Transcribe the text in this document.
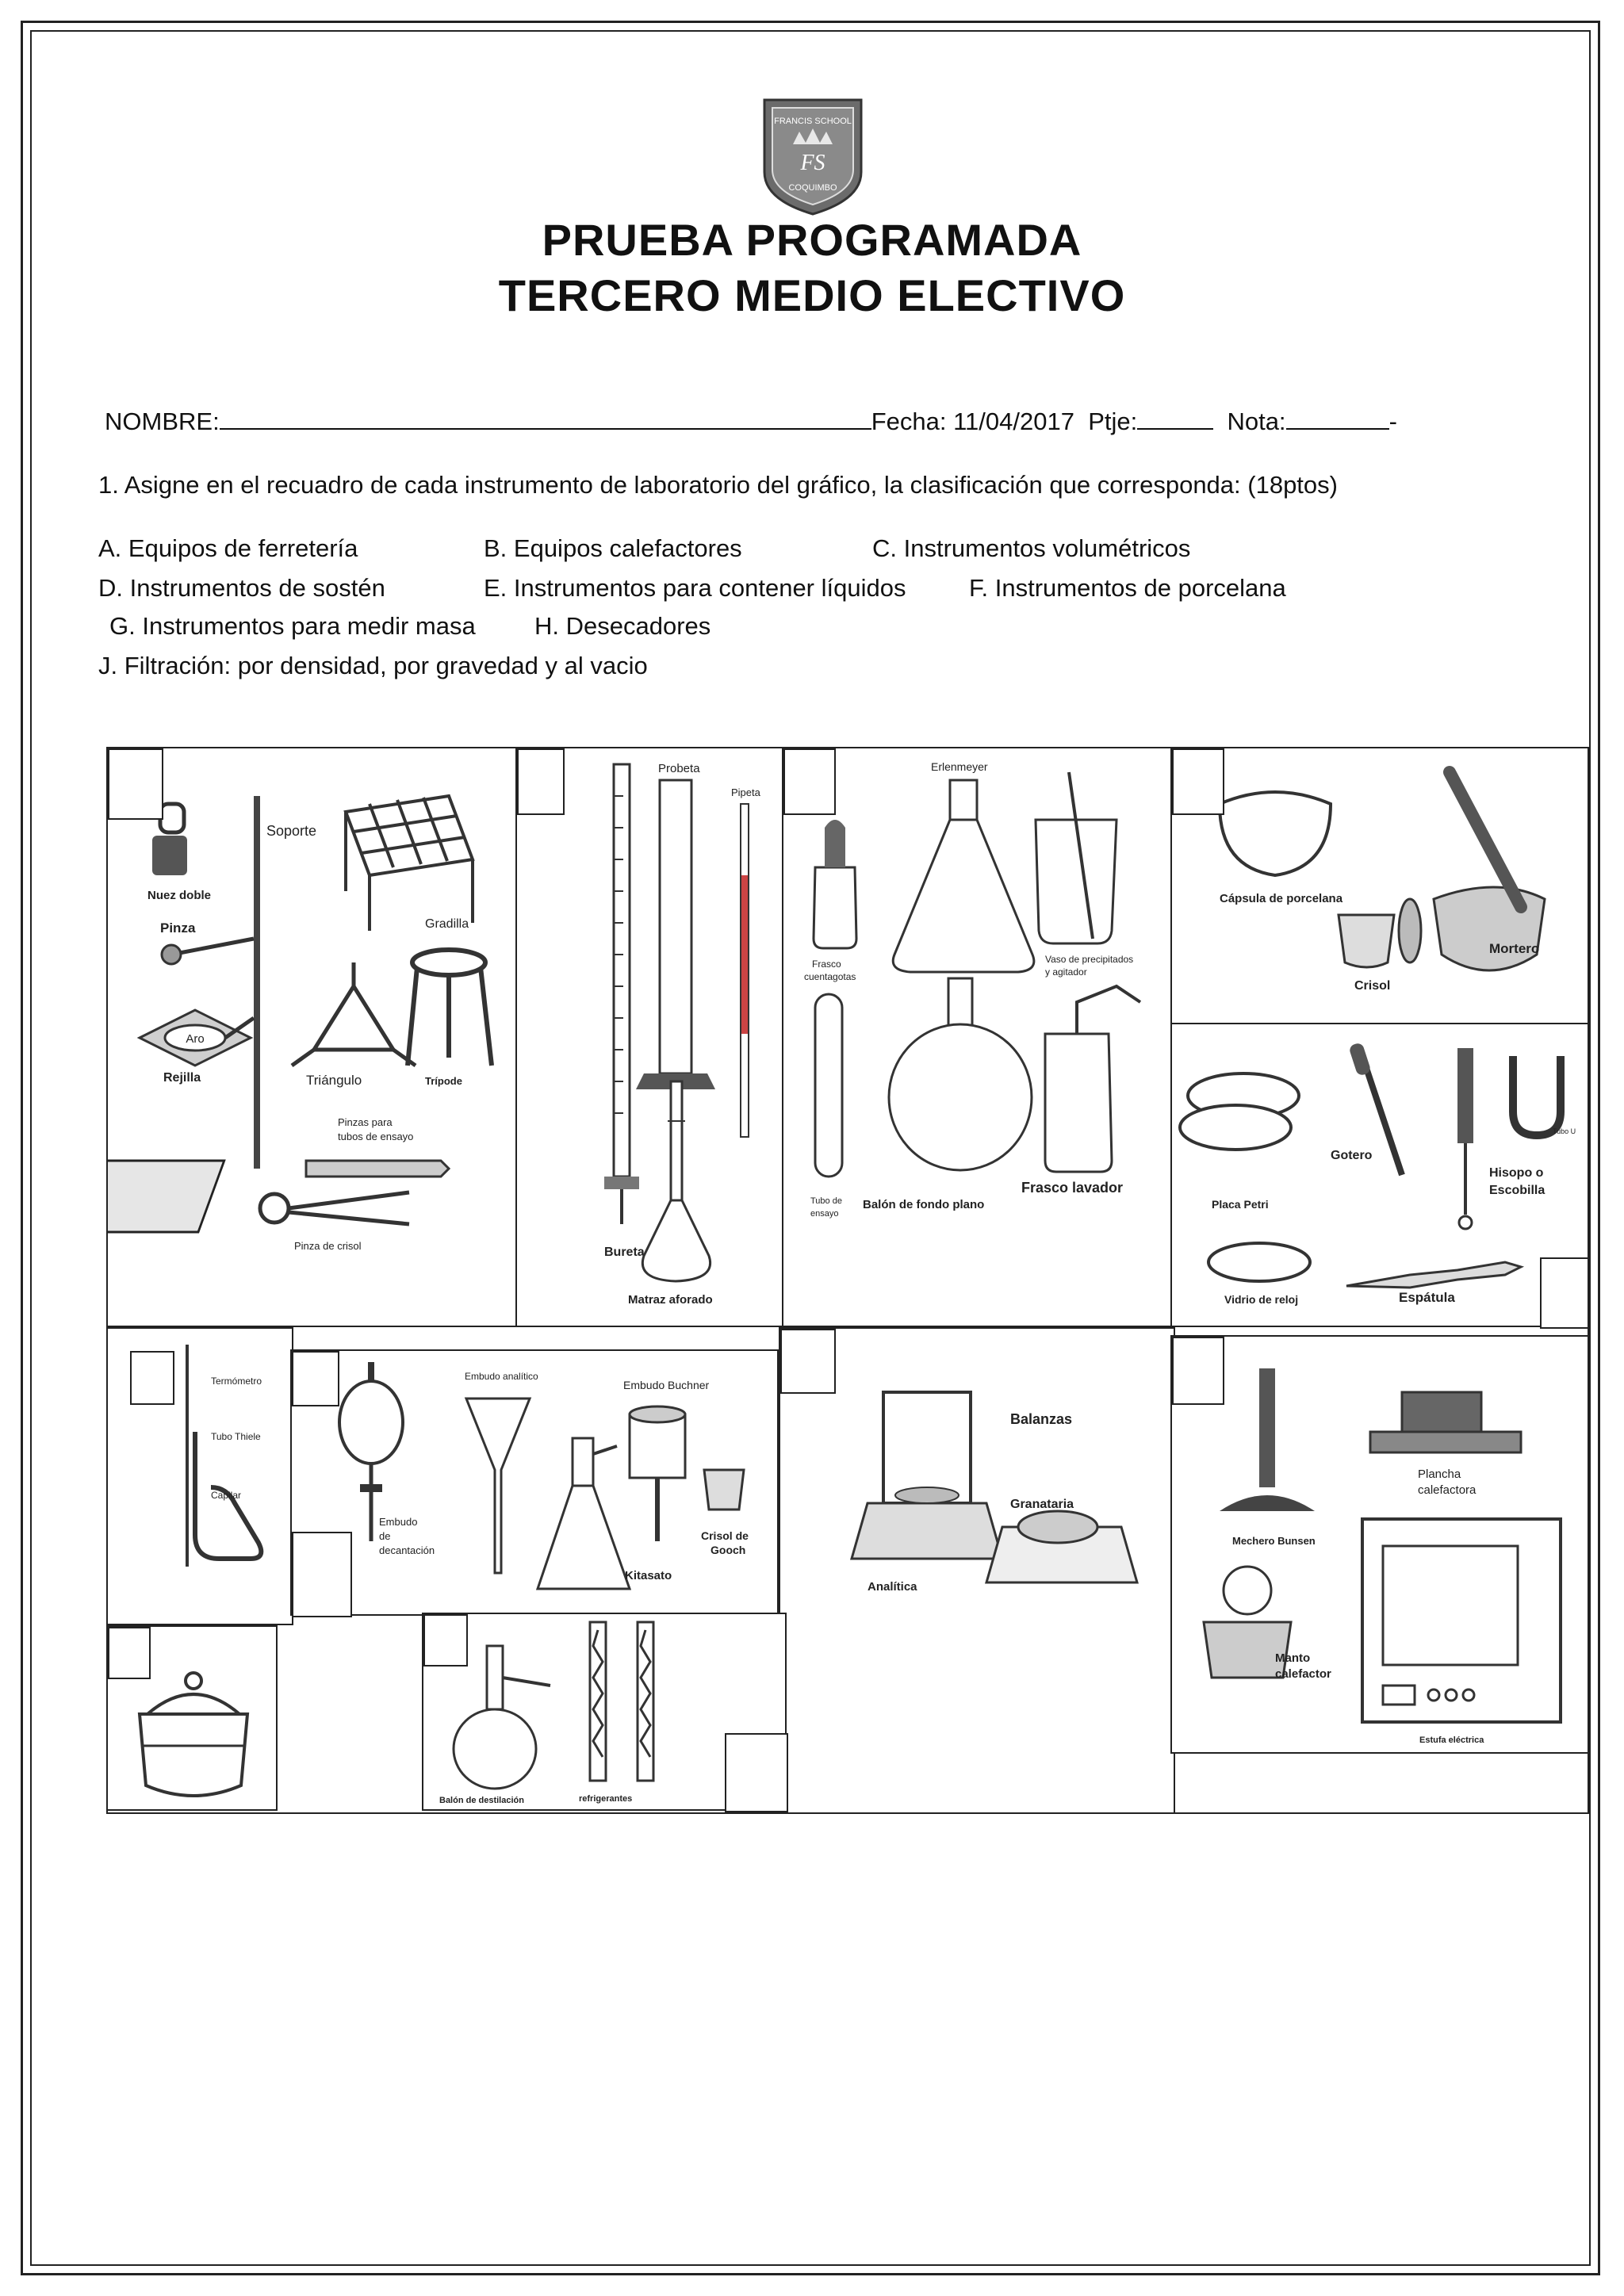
FRANCIS SCHOOL
FS
COQUIMBO
PRUEBA PROGRAMADA
TERCERO MEDIO ELECTIVO
NOMBRE:	Fecha: 11/04/2017 Ptje:	Nota:	-
1. Asigne en el recuadro de cada instrumento de laboratorio del gráfico, la clasificación que corresponda: (18ptos)
A. Equipos de ferretería	B. Equipos calefactores	C. Instrumentos volumétricos
D. Instrumentos de sostén	E. Instrumentos para contener líquidos	F. Instrumentos de porcelana
G. Instrumentos para medir masa H. Desecadores
J. Filtración: por densidad, por gravedad y al vacio
Soporte
Nuez doble
Gradilla
Pinza
Aro
Rejilla	Triángulo	Trípode
Pinzas para
tubos de ensayo
Pinza de crisol	Bureta
Probeta
Pipeta
Matraz aforado
Erlenmeyer
Frasco
cuentagotas
Vaso de precipitados
y agitador
Tubo de
ensayo
Balón de fondo plano
Frasco lavador
Cápsula de porcelana
Crisol
Mortero
Placa Petri
Gotero
Hisopo o
Escobilla
Tubo U
Vidrio de reloj	Espátula
Termómetro
Tubo Thiele
Capilar
Embudo
de
decantación
Embudo analítico
Kitasato
Embudo Buchner
Crisol de
Gooch
Analítica
Granataria
Balanzas
Mechero Bunsen
Plancha
calefactora
Manto
calefactor
Estufa eléctrica
Balón de destilación	refrigerantes
